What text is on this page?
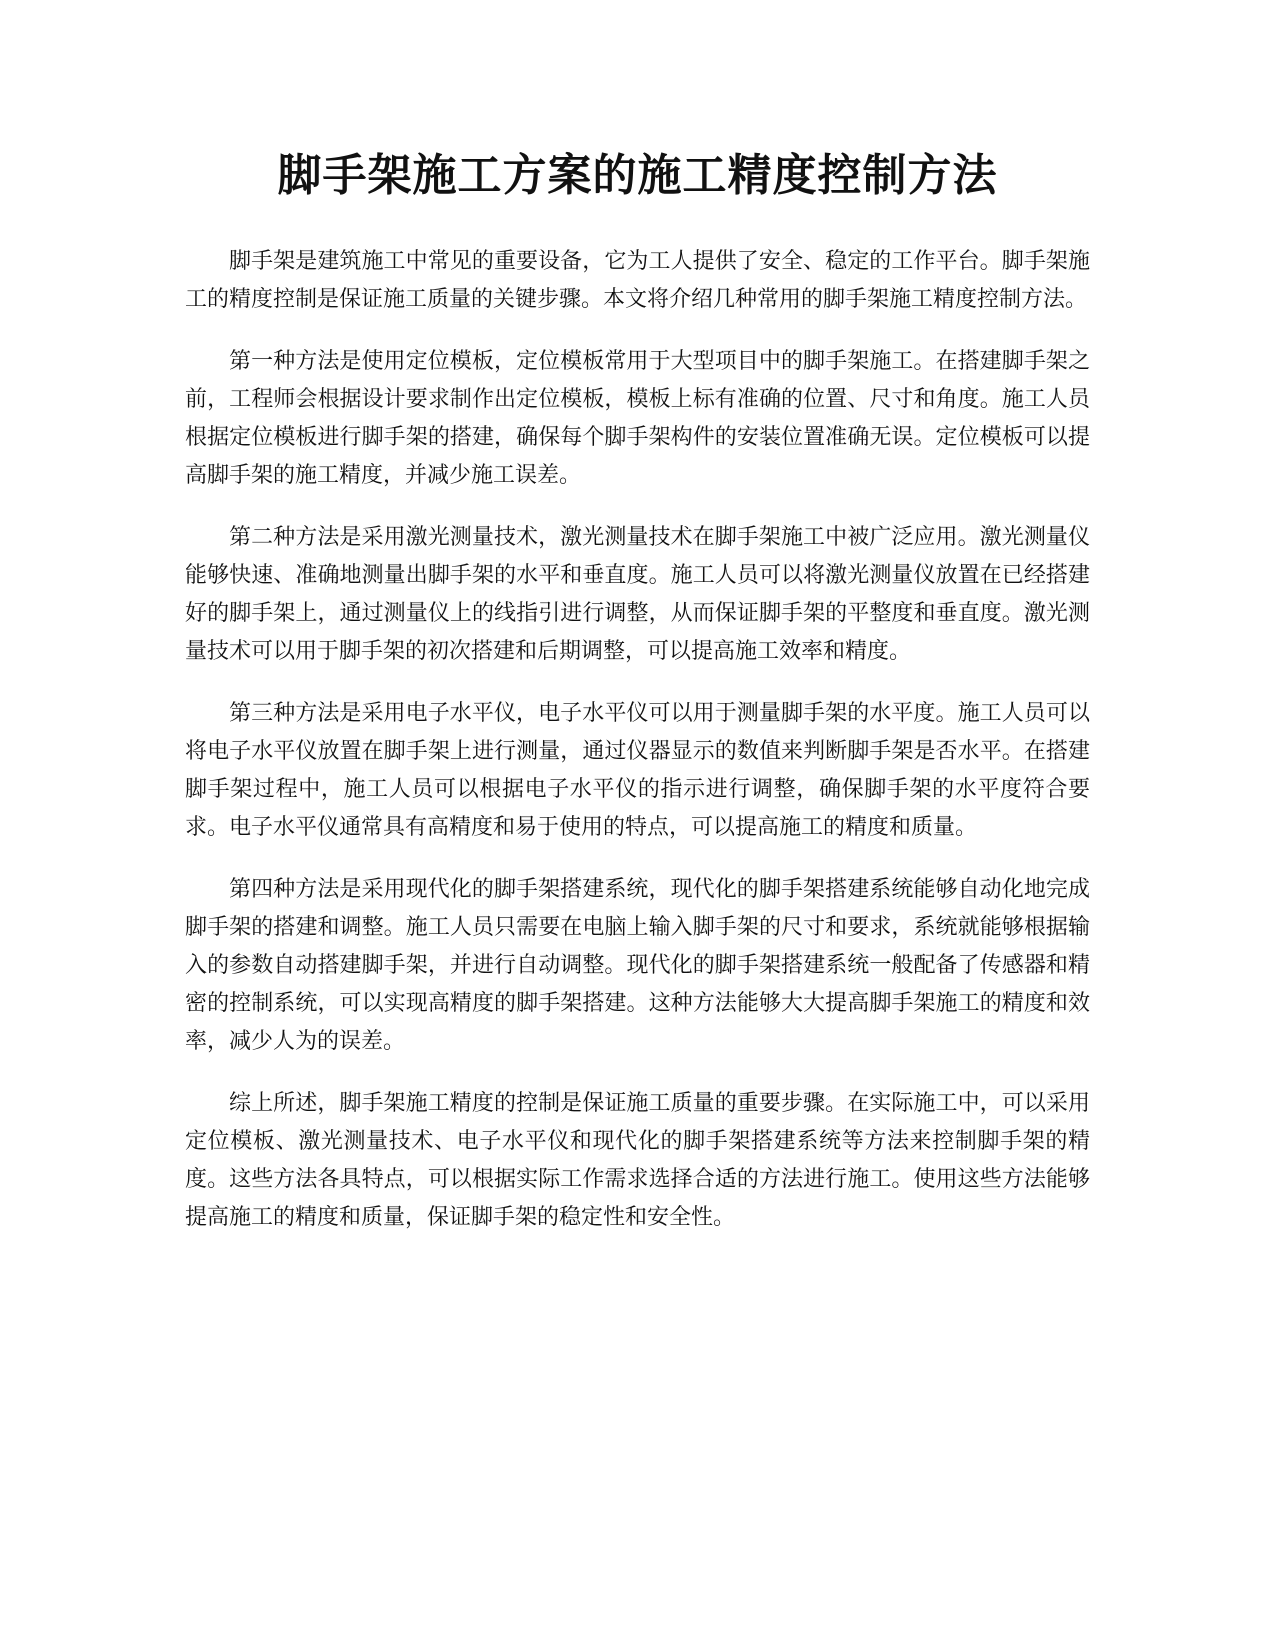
脚手架施工方案的施工精度控制方法

脚手架是建筑施工中常见的重要设备，它为工人提供了安全、稳定的工作平台。脚手架施工的精度控制是保证施工质量的关键步骤。本文将介绍几种常用的脚手架施工精度控制方法。

第一种方法是使用定位模板，定位模板常用于大型项目中的脚手架施工。在搭建脚手架之前，工程师会根据设计要求制作出定位模板，模板上标有准确的位置、尺寸和角度。施工人员根据定位模板进行脚手架的搭建，确保每个脚手架构件的安装位置准确无误。定位模板可以提高脚手架的施工精度，并减少施工误差。

第二种方法是采用激光测量技术，激光测量技术在脚手架施工中被广泛应用。激光测量仪能够快速、准确地测量出脚手架的水平和垂直度。施工人员可以将激光测量仪放置在已经搭建好的脚手架上，通过测量仪上的线指引进行调整，从而保证脚手架的平整度和垂直度。激光测量技术可以用于脚手架的初次搭建和后期调整，可以提高施工效率和精度。

第三种方法是采用电子水平仪，电子水平仪可以用于测量脚手架的水平度。施工人员可以将电子水平仪放置在脚手架上进行测量，通过仪器显示的数值来判断脚手架是否水平。在搭建脚手架过程中，施工人员可以根据电子水平仪的指示进行调整，确保脚手架的水平度符合要求。电子水平仪通常具有高精度和易于使用的特点，可以提高施工的精度和质量。

第四种方法是采用现代化的脚手架搭建系统，现代化的脚手架搭建系统能够自动化地完成脚手架的搭建和调整。施工人员只需要在电脑上输入脚手架的尺寸和要求，系统就能够根据输入的参数自动搭建脚手架，并进行自动调整。现代化的脚手架搭建系统一般配备了传感器和精密的控制系统，可以实现高精度的脚手架搭建。这种方法能够大大提高脚手架施工的精度和效率，减少人为的误差。

综上所述，脚手架施工精度的控制是保证施工质量的重要步骤。在实际施工中，可以采用定位模板、激光测量技术、电子水平仪和现代化的脚手架搭建系统等方法来控制脚手架的精度。这些方法各具特点，可以根据实际工作需求选择合适的方法进行施工。使用这些方法能够提高施工的精度和质量，保证脚手架的稳定性和安全性。
